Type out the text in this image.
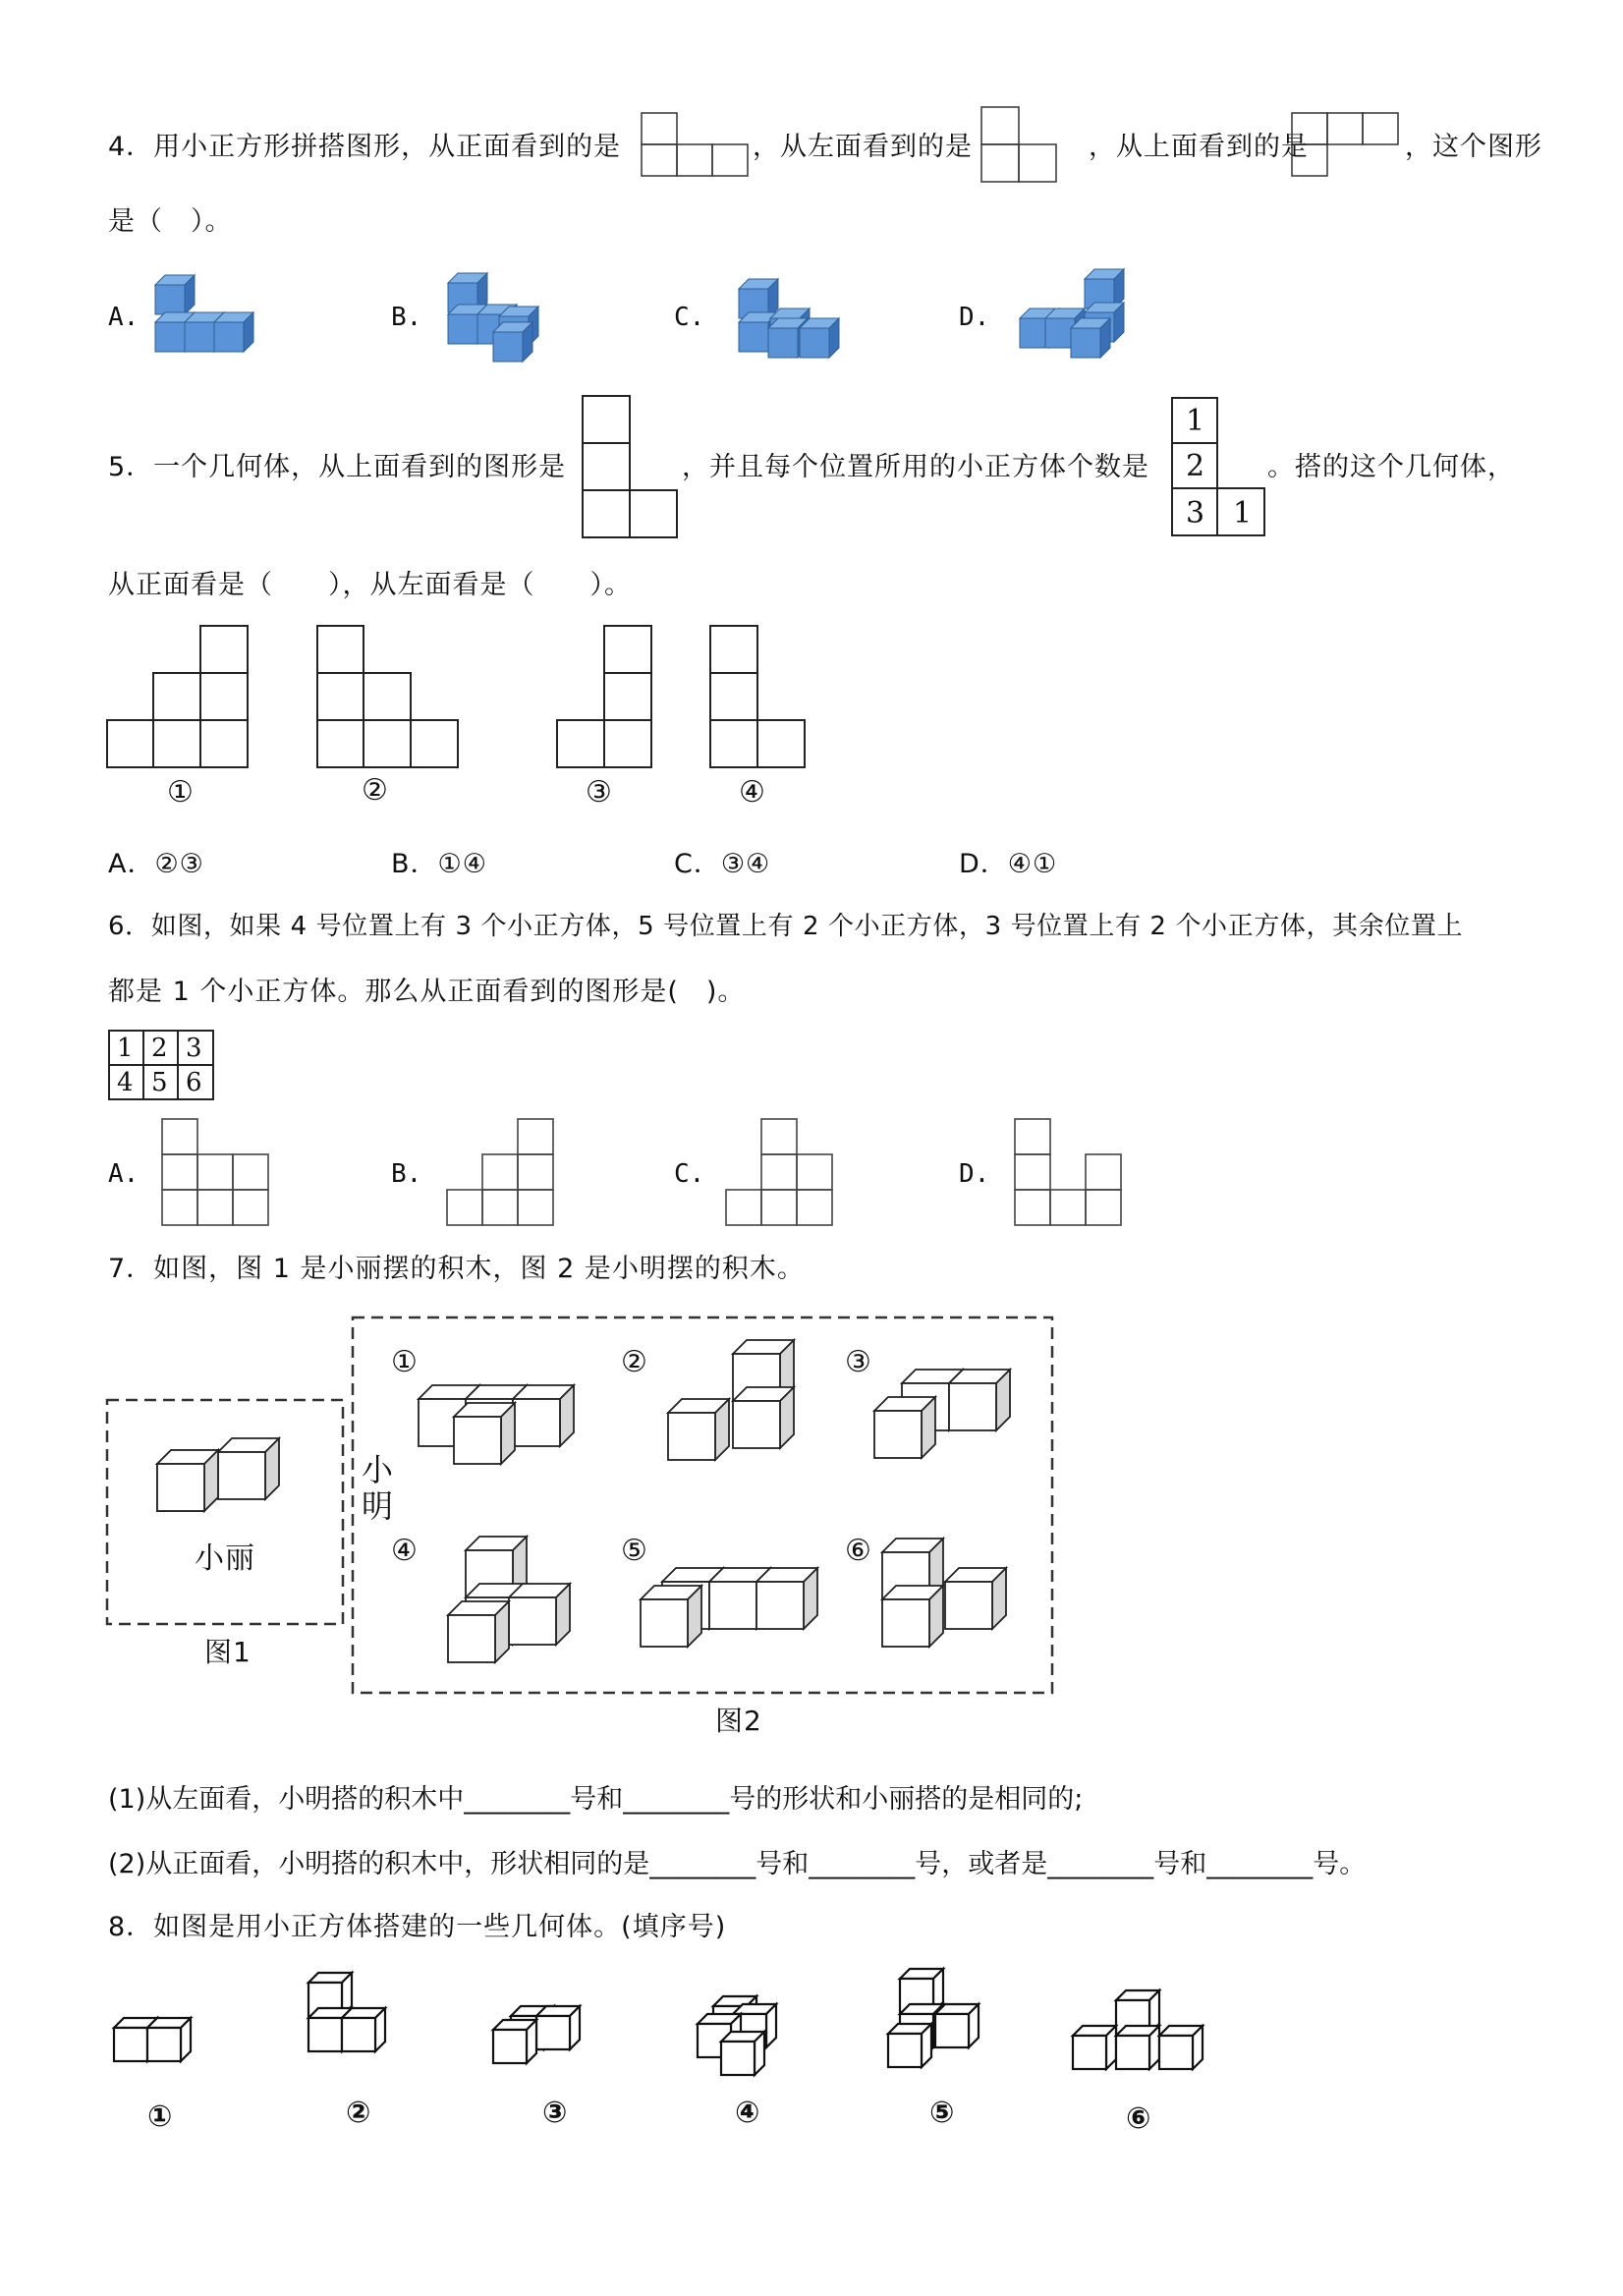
4．用小正方形拼搭图形，从正面看到的是	，从左面看到的是	，从上面看到的是	，这个图形
是（　）。
A.	B.	C.	D.
5．一个几何体，从上面看到的图形是	，并且每个位置所用的小正方体个数是
1
2
3 1
。搭的这个几何体，
从正面看是（　　），从左面看是（　　）。
①	②	③	④
A．②③	B．①④	C．③④	D．④①
6．如图，如果 4 号位置上有 3 个小正方体，5 号位置上有 2 个小正方体，3 号位置上有 2 个小正方体，其余位置上
都是 1 个小正方体。那么从正面看到的图形是(　)。
1 2 3
4 5 6
A.	B.	C.	D.
7．如图，图 1 是小丽摆的积木，图 2 是小明摆的积木。
小丽
图1
小
明
图2
①	②	③
④	⑤	⑥
(1)从左面看，小明搭的积木中________号和________号的形状和小丽搭的是相同的;
(2)从正面看，小明搭的积木中，形状相同的是________号和________号，或者是________号和________号。
8．如图是用小正方体搭建的一些几何体。(填序号)
①	②	③	④	⑤	⑥
